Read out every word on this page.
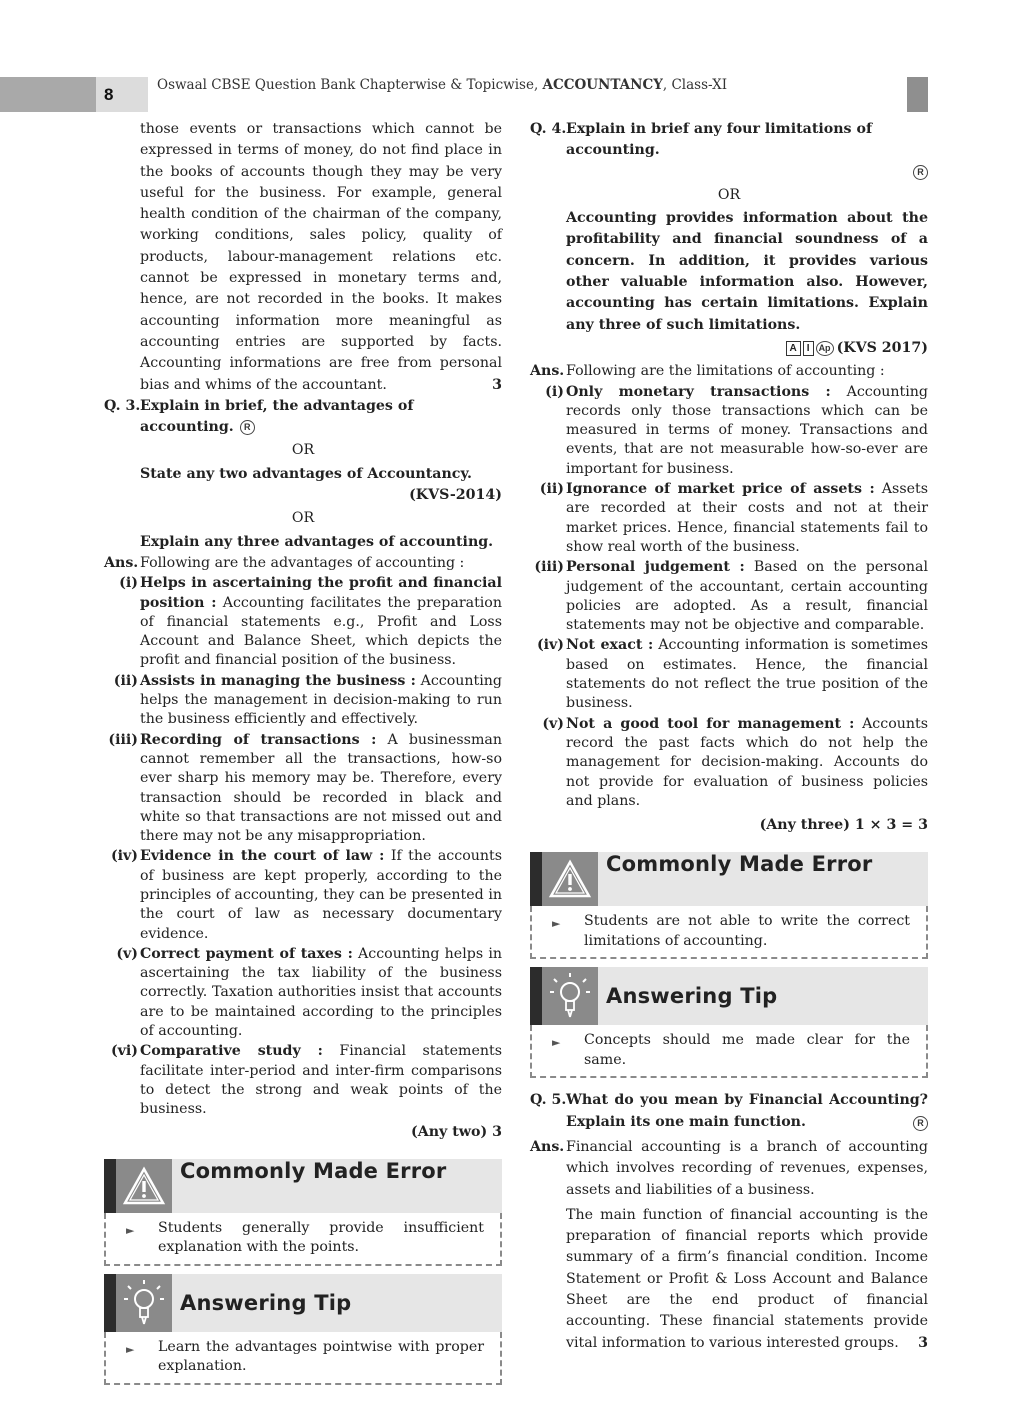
8	Oswaal CBSE Question Bank Chapterwise & Topicwise, ACCOUNTANCY, Class-XI

those events or transactions which cannot be expressed in terms of money, do not find place in the books of accounts though they may be very useful for the business. For example, general health condition of the chairman of the company, working conditions, sales policy, quality of products, labour-management relations etc. cannot be expressed in monetary terms and, hence, are not recorded in the books. It makes accounting information more meaningful as accounting entries are supported by facts. Accounting informations are free from personal bias and whims of the accountant.	3

Q. 3. Explain in brief, the advantages of accounting. R

OR

State any two advantages of Accountancy.

(KVS-2014)
OR

Explain any three advantages of accounting.

Ans. Following are the advantages of accounting :

(i) Helps in ascertaining the profit and financial position : Accounting facilitates the preparation of financial statements e.g., Profit and Loss Account and Balance Sheet, which depicts the profit and financial position of the business.

(ii) Assists in managing the business : Accounting helps the management in decision-making to run the business efficiently and effectively.

(iii) Recording of transactions : A businessman cannot remember all the transactions, how-so ever sharp his memory may be. Therefore, every transaction should be recorded in black and white so that transactions are not missed out and there may not be any misappropriation.

(iv) Evidence in the court of law : If the accounts of business are kept properly, according to the principles of accounting, they can be presented in the court of law as necessary documentary evidence.

(v) Correct payment of taxes : Accounting helps in ascertaining the tax liability of the business correctly. Taxation authorities insist that accounts are to be maintained according to the principles of accounting.

(vi) Comparative study : Financial statements facilitate inter-period and inter-firm comparisons to detect the strong and weak points of the business.

(Any two) 3
Commonly Made Error
► Students generally provide insufficient explanation with the points.
Answering Tip
► Learn the advantages pointwise with proper explanation.

Q. 4. Explain in brief any four limitations of accounting.

R
OR

Accounting provides information about the profitability and financial soundness of a concern. In addition, it provides various other valuable information also. However, accounting has certain limitations. Explain any three of such limitations.

A I Ap (KVS 2017)

Ans. Following are the limitations of accounting :

(i) Only monetary transactions : Accounting records only those transactions which can be measured in terms of money. Transactions and events, that are not measurable how-so-ever are important for business.

(ii) Ignorance of market price of assets : Assets are recorded at their costs and not at their market prices. Hence, financial statements fail to show real worth of the business.

(iii) Personal judgement : Based on the personal judgement of the accountant, certain accounting policies are adopted. As a result, financial statements may not be objective and comparable.

(iv) Not exact : Accounting information is sometimes based on estimates. Hence, the financial statements do not reflect the true position of the business.

(v) Not a good tool for management : Accounts record the past facts which do not help the management for decision-making. Accounts do not provide for evaluation of business policies and plans.

(Any three) 1 × 3 = 3
Commonly Made Error
► Students are not able to write the correct limitations of accounting.
Answering Tip
► Concepts should me made clear for the same.

Q. 5. What do you mean by Financial Accounting? Explain its one main function.	R

Ans. Financial accounting is a branch of accounting which involves recording of revenues, expenses, assets and liabilities of a business.

The main function of financial accounting is the preparation of financial reports which provide summary of a firm’s financial condition. Income Statement or Profit & Loss Account and Balance Sheet are the end product of financial accounting. These financial statements provide vital information to various interested groups. 3
